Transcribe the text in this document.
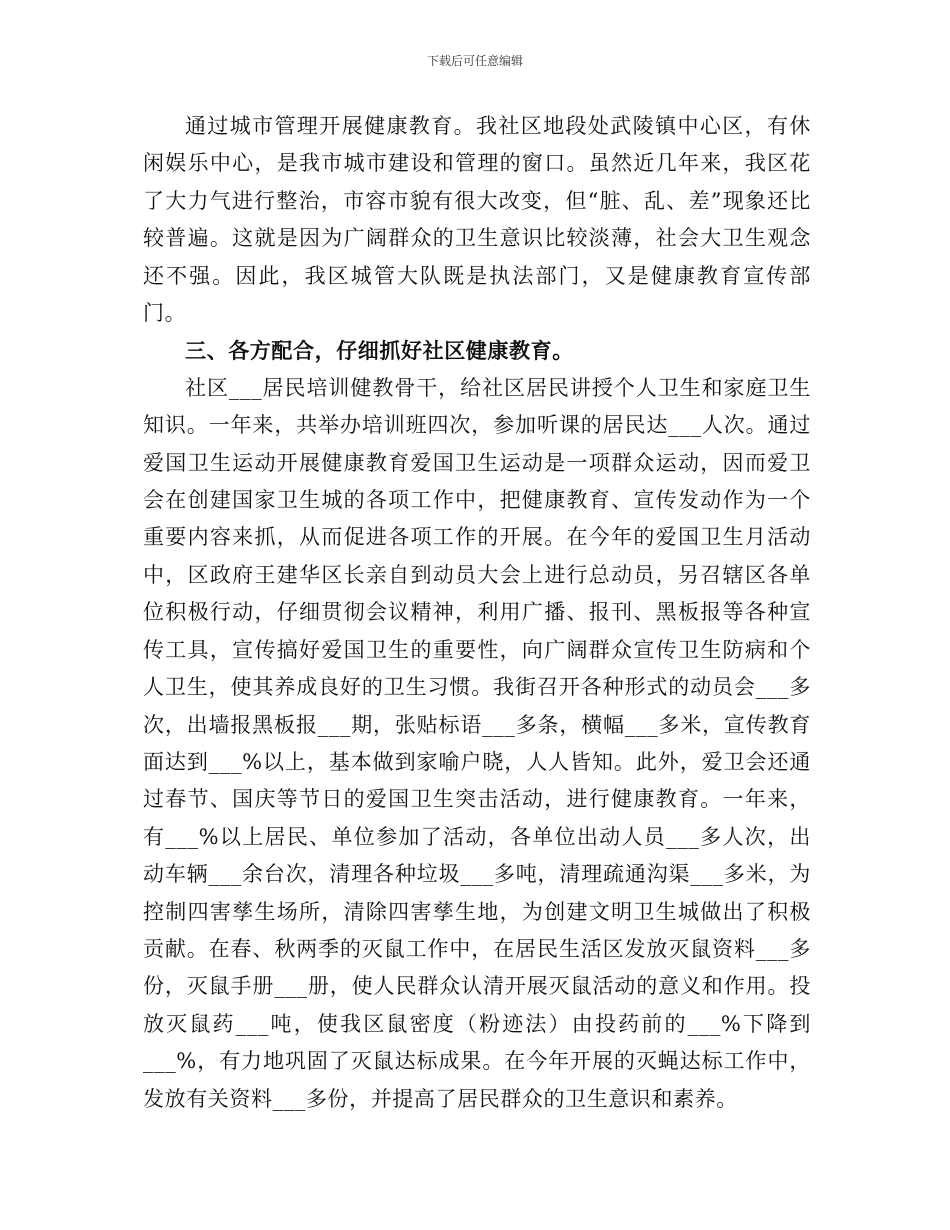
下载后可任意编辑

通过城市管理开展健康教育。我社区地段处武陵镇中心区，有休闲娱乐中心，是我市城市建设和管理的窗口。虽然近几年来，我区花了大力气进行整治，市容市貌有很大改变，但“脏、乱、差”现象还比较普遍。这就是因为广阔群众的卫生意识比较淡薄，社会大卫生观念还不强。因此，我区城管大队既是执法部门，又是健康教育宣传部门。

三、各方配合，仔细抓好社区健康教育。

社区___居民培训健教骨干，给社区居民讲授个人卫生和家庭卫生知识。一年来，共举办培训班四次，参加听课的居民达___人次。通过爱国卫生运动开展健康教育爱国卫生运动是一项群众运动，因而爱卫会在创建国家卫生城的各项工作中，把健康教育、宣传发动作为一个重要内容来抓，从而促进各项工作的开展。在今年的爱国卫生月活动中，区政府王建华区长亲自到动员大会上进行总动员，另召辖区各单位积极行动，仔细贯彻会议精神，利用广播、报刊、黑板报等各种宣传工具，宣传搞好爱国卫生的重要性，向广阔群众宣传卫生防病和个人卫生，使其养成良好的卫生习惯。我街召开各种形式的动员会___多次，出墙报黑板报___期，张贴标语___多条，横幅___多米，宣传教育面达到___%以上，基本做到家喻户晓，人人皆知。此外，爱卫会还通过春节、国庆等节日的爱国卫生突击活动，进行健康教育。一年来，有___%以上居民、单位参加了活动，各单位出动人员___多人次，出动车辆___余台次，清理各种垃圾___多吨，清理疏通沟渠___多米，为控制四害孳生场所，清除四害孳生地，为创建文明卫生城做出了积极贡献。在春、秋两季的灭鼠工作中，在居民生活区发放灭鼠资料___多份，灭鼠手册___册，使人民群众认清开展灭鼠活动的意义和作用。投放灭鼠药___吨，使我区鼠密度（粉迹法）由投药前的___%下降到___%，有力地巩固了灭鼠达标成果。在今年开展的灭蝇达标工作中，发放有关资料___多份，并提高了居民群众的卫生意识和素养。
